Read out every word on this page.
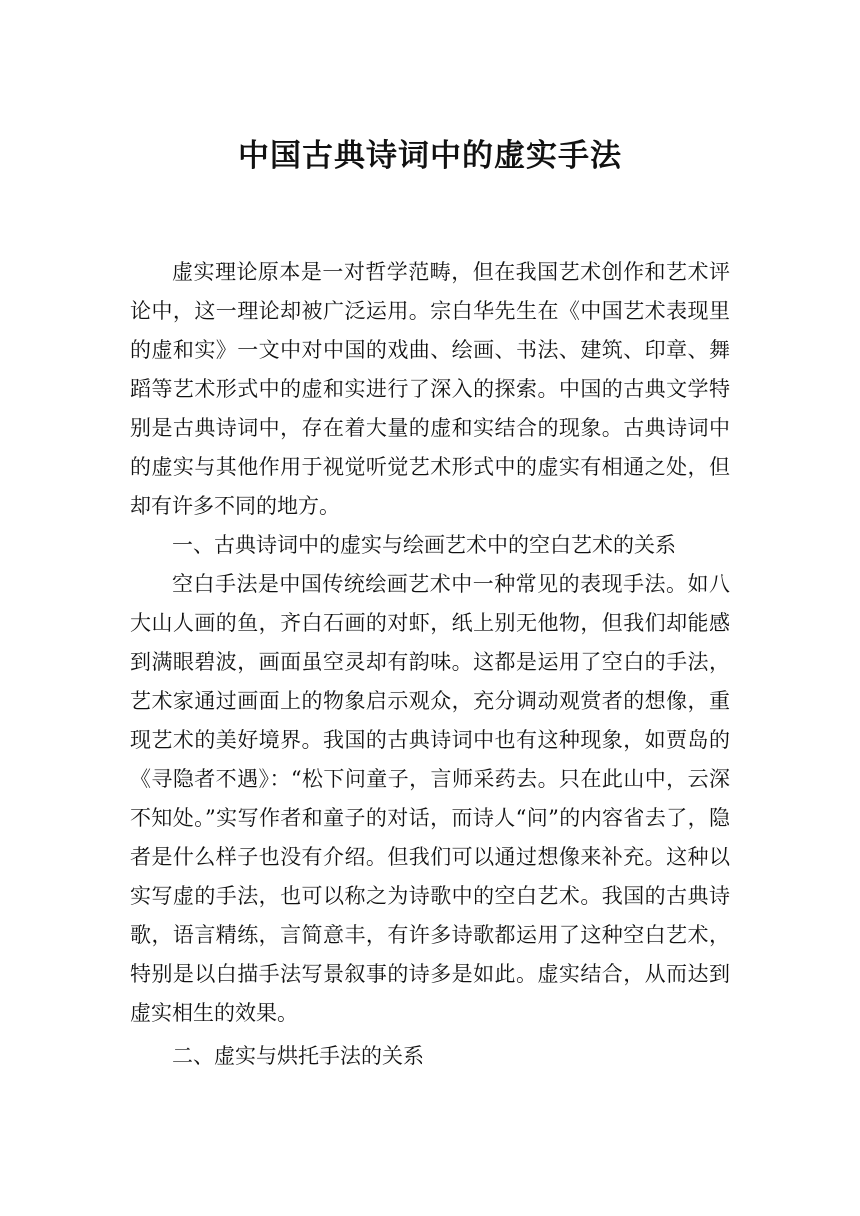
中国古典诗词中的虚实手法

虚实理论原本是一对哲学范畴，但在我国艺术创作和艺术评论中，这一理论却被广泛运用。宗白华先生在《中国艺术表现里的虚和实》一文中对中国的戏曲、绘画、书法、建筑、印章、舞蹈等艺术形式中的虚和实进行了深入的探索。中国的古典文学特别是古典诗词中，存在着大量的虚和实结合的现象。古典诗词中的虚实与其他作用于视觉听觉艺术形式中的虚实有相通之处，但却有许多不同的地方。

一、古典诗词中的虚实与绘画艺术中的空白艺术的关系

空白手法是中国传统绘画艺术中一种常见的表现手法。如八大山人画的鱼，齐白石画的对虾，纸上别无他物，但我们却能感到满眼碧波，画面虽空灵却有韵味。这都是运用了空白的手法，艺术家通过画面上的物象启示观众，充分调动观赏者的想像，重现艺术的美好境界。我国的古典诗词中也有这种现象，如贾岛的《寻隐者不遇》：“松下问童子，言师采药去。只在此山中，云深不知处。”实写作者和童子的对话，而诗人“问”的内容省去了，隐者是什么样子也没有介绍。但我们可以通过想像来补充。这种以实写虚的手法，也可以称之为诗歌中的空白艺术。我国的古典诗歌，语言精练，言简意丰，有许多诗歌都运用了这种空白艺术，特别是以白描手法写景叙事的诗多是如此。虚实结合，从而达到虚实相生的效果。

二、虚实与烘托手法的关系
